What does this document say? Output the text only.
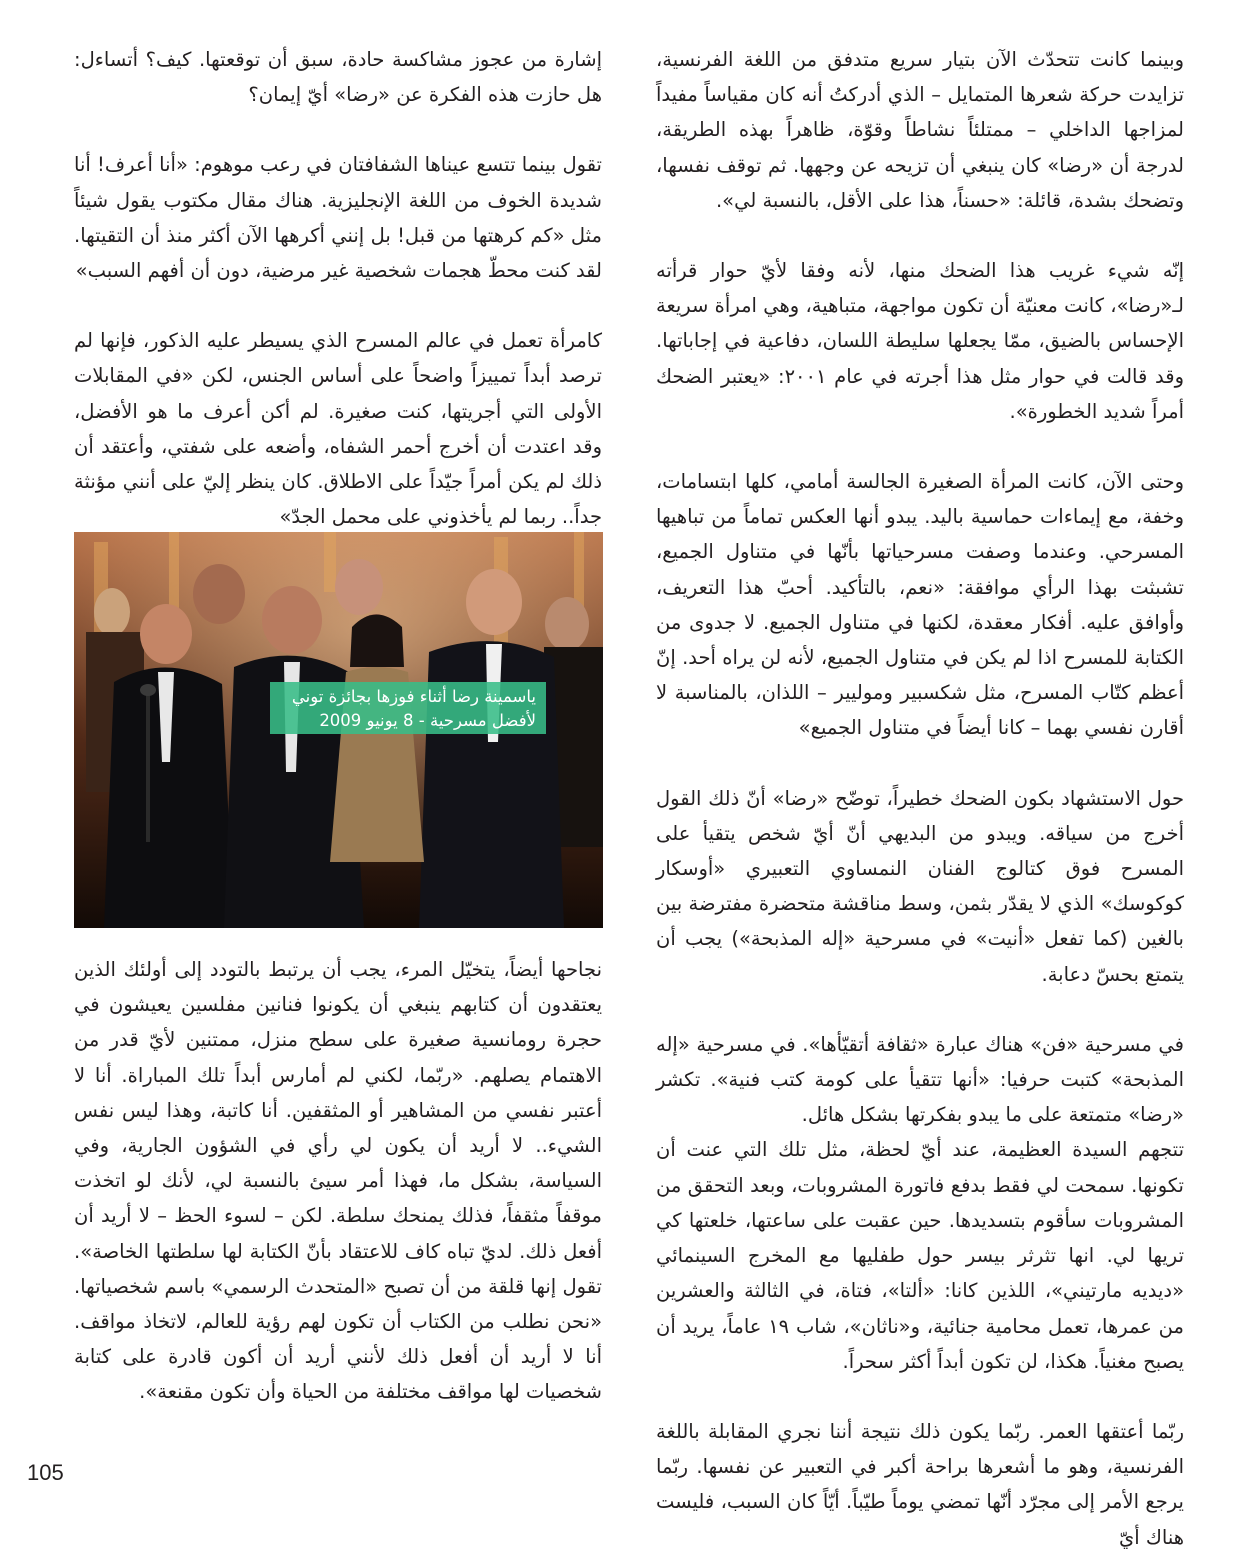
وبينما كانت تتحدّث الآن بتيار سريع متدفق من اللغة الفرنسية، تزايدت حركة شعرها المتمايل – الذي أدركتُ أنه كان مقياساً مفيداً لمزاجها الداخلي – ممتلئاً نشاطاً وقوّة، ظاهراً بهذه الطريقة، لدرجة أن «رضا» كان ينبغي أن تزيحه عن وجهها. ثم توقف نفسها، وتضحك بشدة، قائلة: «حسناً، هذا على الأقل، بالنسبة لي».

إنّه شيء غريب هذا الضحك منها، لأنه وفقا لأيّ حوار قرأته لـ«رضا»، كانت معنيّة أن تكون مواجهة، متباهية، وهي امرأة سريعة الإحساس بالضيق، ممّا يجعلها سليطة اللسان، دفاعية في إجاباتها. وقد قالت في حوار مثل هذا أجرته في عام ٢٠٠١: «يعتبر الضحك أمراً شديد الخطورة».

وحتى الآن، كانت المرأة الصغيرة الجالسة أمامي، كلها ابتسامات، وخفة، مع إيماءات حماسية باليد. يبدو أنها العكس تماماً من تباهيها المسرحي. وعندما وصفت مسرحياتها بأنّها في متناول الجميع، تشبثت بهذا الرأي موافقة: «نعم، بالتأكيد. أحبّ هذا التعريف، وأوافق عليه. أفكار معقدة، لكنها في متناول الجميع. لا جدوى من الكتابة للمسرح اذا لم يكن في متناول الجميع، لأنه لن يراه أحد. إنّ أعظم كتّاب المسرح، مثل شكسبير وموليير – اللذان، بالمناسبة لا أقارن نفسي بهما – كانا أيضاً في متناول الجميع»

حول الاستشهاد بكون الضحك خطيراً، توضّح «رضا» أنّ ذلك القول أخرج من سياقه. ويبدو من البديهي أنّ أيّ شخص يتقيأ على المسرح فوق كتالوج الفنان النمساوي التعبيري «أوسكار كوكوسك» الذي لا يقدّر بثمن، وسط مناقشة متحضرة مفترضة بين بالغين (كما تفعل «أنيت» في مسرحية «إله المذبحة») يجب أن يتمتع بحسّ دعابة.

في مسرحية «فن» هناك عبارة «ثقافة أتقيّأها». في مسرحية «إله المذبحة» كتبت حرفيا: «أنها تتقيأ على كومة كتب فنية». تكشر «رضا» متمتعة على ما يبدو بفكرتها بشكل هائل.
تتجهم السيدة العظيمة، عند أيّ لحظة، مثل تلك التي عنت أن تكونها. سمحت لي فقط بدفع فاتورة المشروبات، وبعد التحقق من المشروبات سأقوم بتسديدها. حين عقبت على ساعتها، خلعتها كي تريها لي. انها تثرثر بيسر حول طفليها مع المخرج السينمائي «ديديه مارتيني»، اللذين كانا: «ألتا»، فتاة، في الثالثة والعشرين من عمرها، تعمل محامية جنائية، و«ناثان»، شاب ١٩ عاماً، يريد أن يصبح مغنياً. هكذا، لن تكون أبداً أكثر سحراً.

ربّما أعتقها العمر. ربّما يكون ذلك نتيجة أننا نجري المقابلة باللغة الفرنسية، وهو ما أشعرها براحة أكبر في التعبير عن نفسها. ربّما يرجع الأمر إلى مجرّد أنّها تمضي يوماً طيّباً. أيّاً كان السبب، فليست هناك أيّ

إشارة من عجوز مشاكسة حادة، سبق أن توقعتها. كيف؟ أتساءل: هل حازت هذه الفكرة عن «رضا» أيّ إيمان؟

تقول بينما تتسع عيناها الشفافتان في رعب موهوم: «أنا أعرف! أنا شديدة الخوف من اللغة الإنجليزية. هناك مقال مكتوب يقول شيئاً مثل «كم كرهتها من قبل! بل إنني أكرهها الآن أكثر منذ أن التقيتها. لقد كنت محطّ هجمات شخصية غير مرضية، دون أن أفهم السبب»

كامرأة تعمل في عالم المسرح الذي يسيطر عليه الذكور، فإنها لم ترصد أبداً تمييزاً واضحاً على أساس الجنس، لكن «في المقابلات الأولى التي أجريتها، كنت صغيرة. لم أكن أعرف ما هو الأفضل، وقد اعتدت أن أخرج أحمر الشفاه، وأضعه على شفتي، وأعتقد أن ذلك لم يكن أمراً جيّداً على الاطلاق. كان ينظر إليّ على أنني مؤنثة جداً.. ربما لم يأخذوني على محمل الجدّ»

ياسمينة رضا أثناء فوزها بجائزة توني
لأفضل مسرحية - 8 يونيو 2009

نجاحها أيضاً، يتخيّل المرء، يجب أن يرتبط بالتودد إلى أولئك الذين يعتقدون أن كتابهم ينبغي أن يكونوا فنانين مفلسين يعيشون في حجرة رومانسية صغيرة على سطح منزل، ممتنين لأيّ قدر من الاهتمام يصلهم. «ربّما، لكني لم أمارس أبداً تلك المباراة. أنا لا أعتبر نفسي من المشاهير أو المثقفين. أنا كاتبة، وهذا ليس نفس الشيء.. لا أريد أن يكون لي رأي في الشؤون الجارية، وفي السياسة، بشكل ما، فهذا أمر سيئ بالنسبة لي، لأنك لو اتخذت موقفاً مثقفاً، فذلك يمنحك سلطة. لكن – لسوء الحظ – لا أريد أن أفعل ذلك. لديّ تباه كاف للاعتقاد بأنّ الكتابة لها سلطتها الخاصة». تقول إنها قلقة من أن تصبح «المتحدث الرسمي» باسم شخصياتها. «نحن نطلب من الكتاب أن تكون لهم رؤية للعالم، لاتخاذ مواقف. أنا لا أريد أن أفعل ذلك لأنني أريد أن أكون قادرة على كتابة شخصيات لها مواقف مختلفة من الحياة وأن تكون مقنعة».

105
